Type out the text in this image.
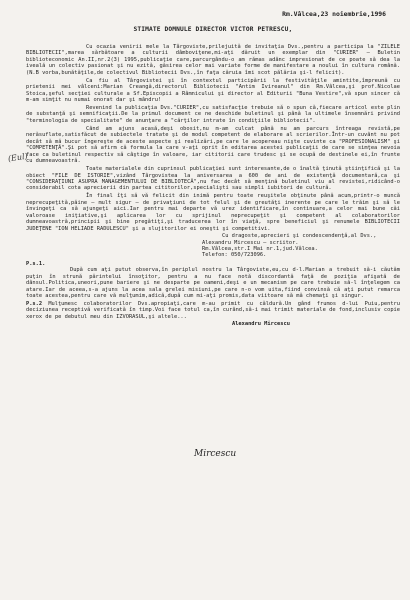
Rm.Vâlcea,23 noiembrie,1996
STIMATE DOMNULE DIRECTOR VICTOR PETRESCU,

Cu ocazia venirii mele la Târgoviste,prilejuită de invitaţia Dvs.,pentru a participa la "ZILELE BIBLIOTECII",marea sărbătoare a culturii dâmboviţene,mi-aţi dăruit un exemplar din "CURIER" – Buletin biblioteconomic An.II,nr.2(3) 1995,publicaţie care,parcurgându-o am rămas adânc impresionat de ce poate să dea la iveală un colectiv pasionat şi nu ezită, găsirea celor mai variate forme de manifestare a noului în cultura română.(N.B vorba,bunătăţile,de colectivul Bibliotecii Dvs.,în faţa căruia îmi scot pălăria şi-l felicit).

Ca fiu al Târgovistei şi în contextul participării la festivităţile amintite,împreună cu prietenii mei vâlceni:Marian Creangă,directorul Bibliotecii "Antim Ivireanul" din Rm.Vâlcea,şi prof.Nicolae Stoica,şeful secţiei culturale a Sf.Episcopii a Râmnicului şi director al Editurii "Buna Vestire",vă spun sincer că m-am simţit nu numai onorat dar şi mândru!

Revenind la publicaţia Dvs."CURIER",cu satisfacţie trebuie să o spun că,fiecare articol este plin de substanţă şi semnificaţii.De la primul document ce ne deschide buletinul şi până la ultimele însemnări privind "terminologia de specialitate" de anunţare a "cărţilor intrate în condiţiile bibliotecii".

Când am ajuns acasă,deşi obosit,nu m-am culcat până nu am parcurs întreaga revistă,pe nerăsuflate,satisfăcut de subiectele tratate şi de modul competent de elaborare al scrierilor.Într-un cuvânt nu pot decât să mă bucur îngereşte de aceste aspecte şi realizări,pe care le acopereau nişte cuvinte ca "PROFESIONALISM" şi "COMPETENŢĂ".Şi pot să afirm că formula la care v-aţi oprit în editarea acestei publicaţii de care se simţea nevoia face ca buletinul respectiv să câştige în valoare, iar cititorii care trudesc şi se ocupă de destinele ei,în frunte cu dumneavoastră.

Toate materialele din cuprinsul publicaţiei sunt interesante,de o înaltă ţinută ştiinţifică şi la obiect "FILE DE ISTORIE",vizând Târgovistea la aniversarea a 600 de ani de existenţă documentară,ca şi "CONSIDERAŢIUNI ASUPRA MANAGEMENTULUI DE BIBLIOTECĂ",nu fac decât să menţină buletinul viu al revistei,ridicând-o considerabil cota aprecierii din partea cititorilor,specialişti sau simpli iubitori de cultură.

În final îţi să vă felicit din inimă pentru toate reuşitele obţinute până acum,printr-o muncă neprecupeţită,păine – mult sigur – de privaţiuni de tot felul şi de greutăţi inerente pe care le trăim şi să le învingeţi ca să ajungeţi aici.Iar pentru mai departe vă urez identificare,în continuare,a celor mai bune căi valoroase iniţiative,şi aplicarea lor cu sprijinul neprecupeţit şi competent al colaboratorilor dumneavoastră,principii şi bine pregătiţi,şi traducerea lor în viaţă, spre beneficiul şi renumele BIBLIOTECII JUDEŢENE "ION HELIADE RADULESCU" şi a slujitorilor ei oneşti şi competitivi.

(Eul)
Cu dragoste,aprecieri şi condescendenţă,al Dvs.,
Alexandru Mircescu – scriitor.
Rm.Vâlcea,str.I Mai nr.1,jud.Vâlcea.
Telefon: 050/723096.
Mircescu
P.s.1.

După cum aţi putut observa,în periplul nostru la Târgoviste,eu,cu d-l.Marian a trebuit să-i căutăm puţin în strună părintelui însoţitor, pentru a nu face notă discordantă faţă de poziţia afişată de dânsul.Politica,uneori,pune bariere şi ne desparte pe oameni,deşi e un mecanism pe care trebuie să-l înţelegem ca atare.Iar de aceea,s-a ajuns la acea sala grelei misiuni,pe care n-o vom uita,fiind convinsă că aţi putut remarca toate acestea,pentru care vă mulţumim,adică,după cum mi-aţi promis,data viitoare să mă chemaţi şi singur.

P.s.2 Mulţumesc colaboratorilor Dvs.apropiaţi,care m-au primit cu căldură.Un gând frumos d-lui Puiu,pentru deciziunea receptivă verificată în timp.Voi face totul ca,în curând,să-i mai trimit materiale de fond,inclusiv copie xerox de pe debutul meu din IZVORASUL,şi altele...

Alexandru Mircescu
